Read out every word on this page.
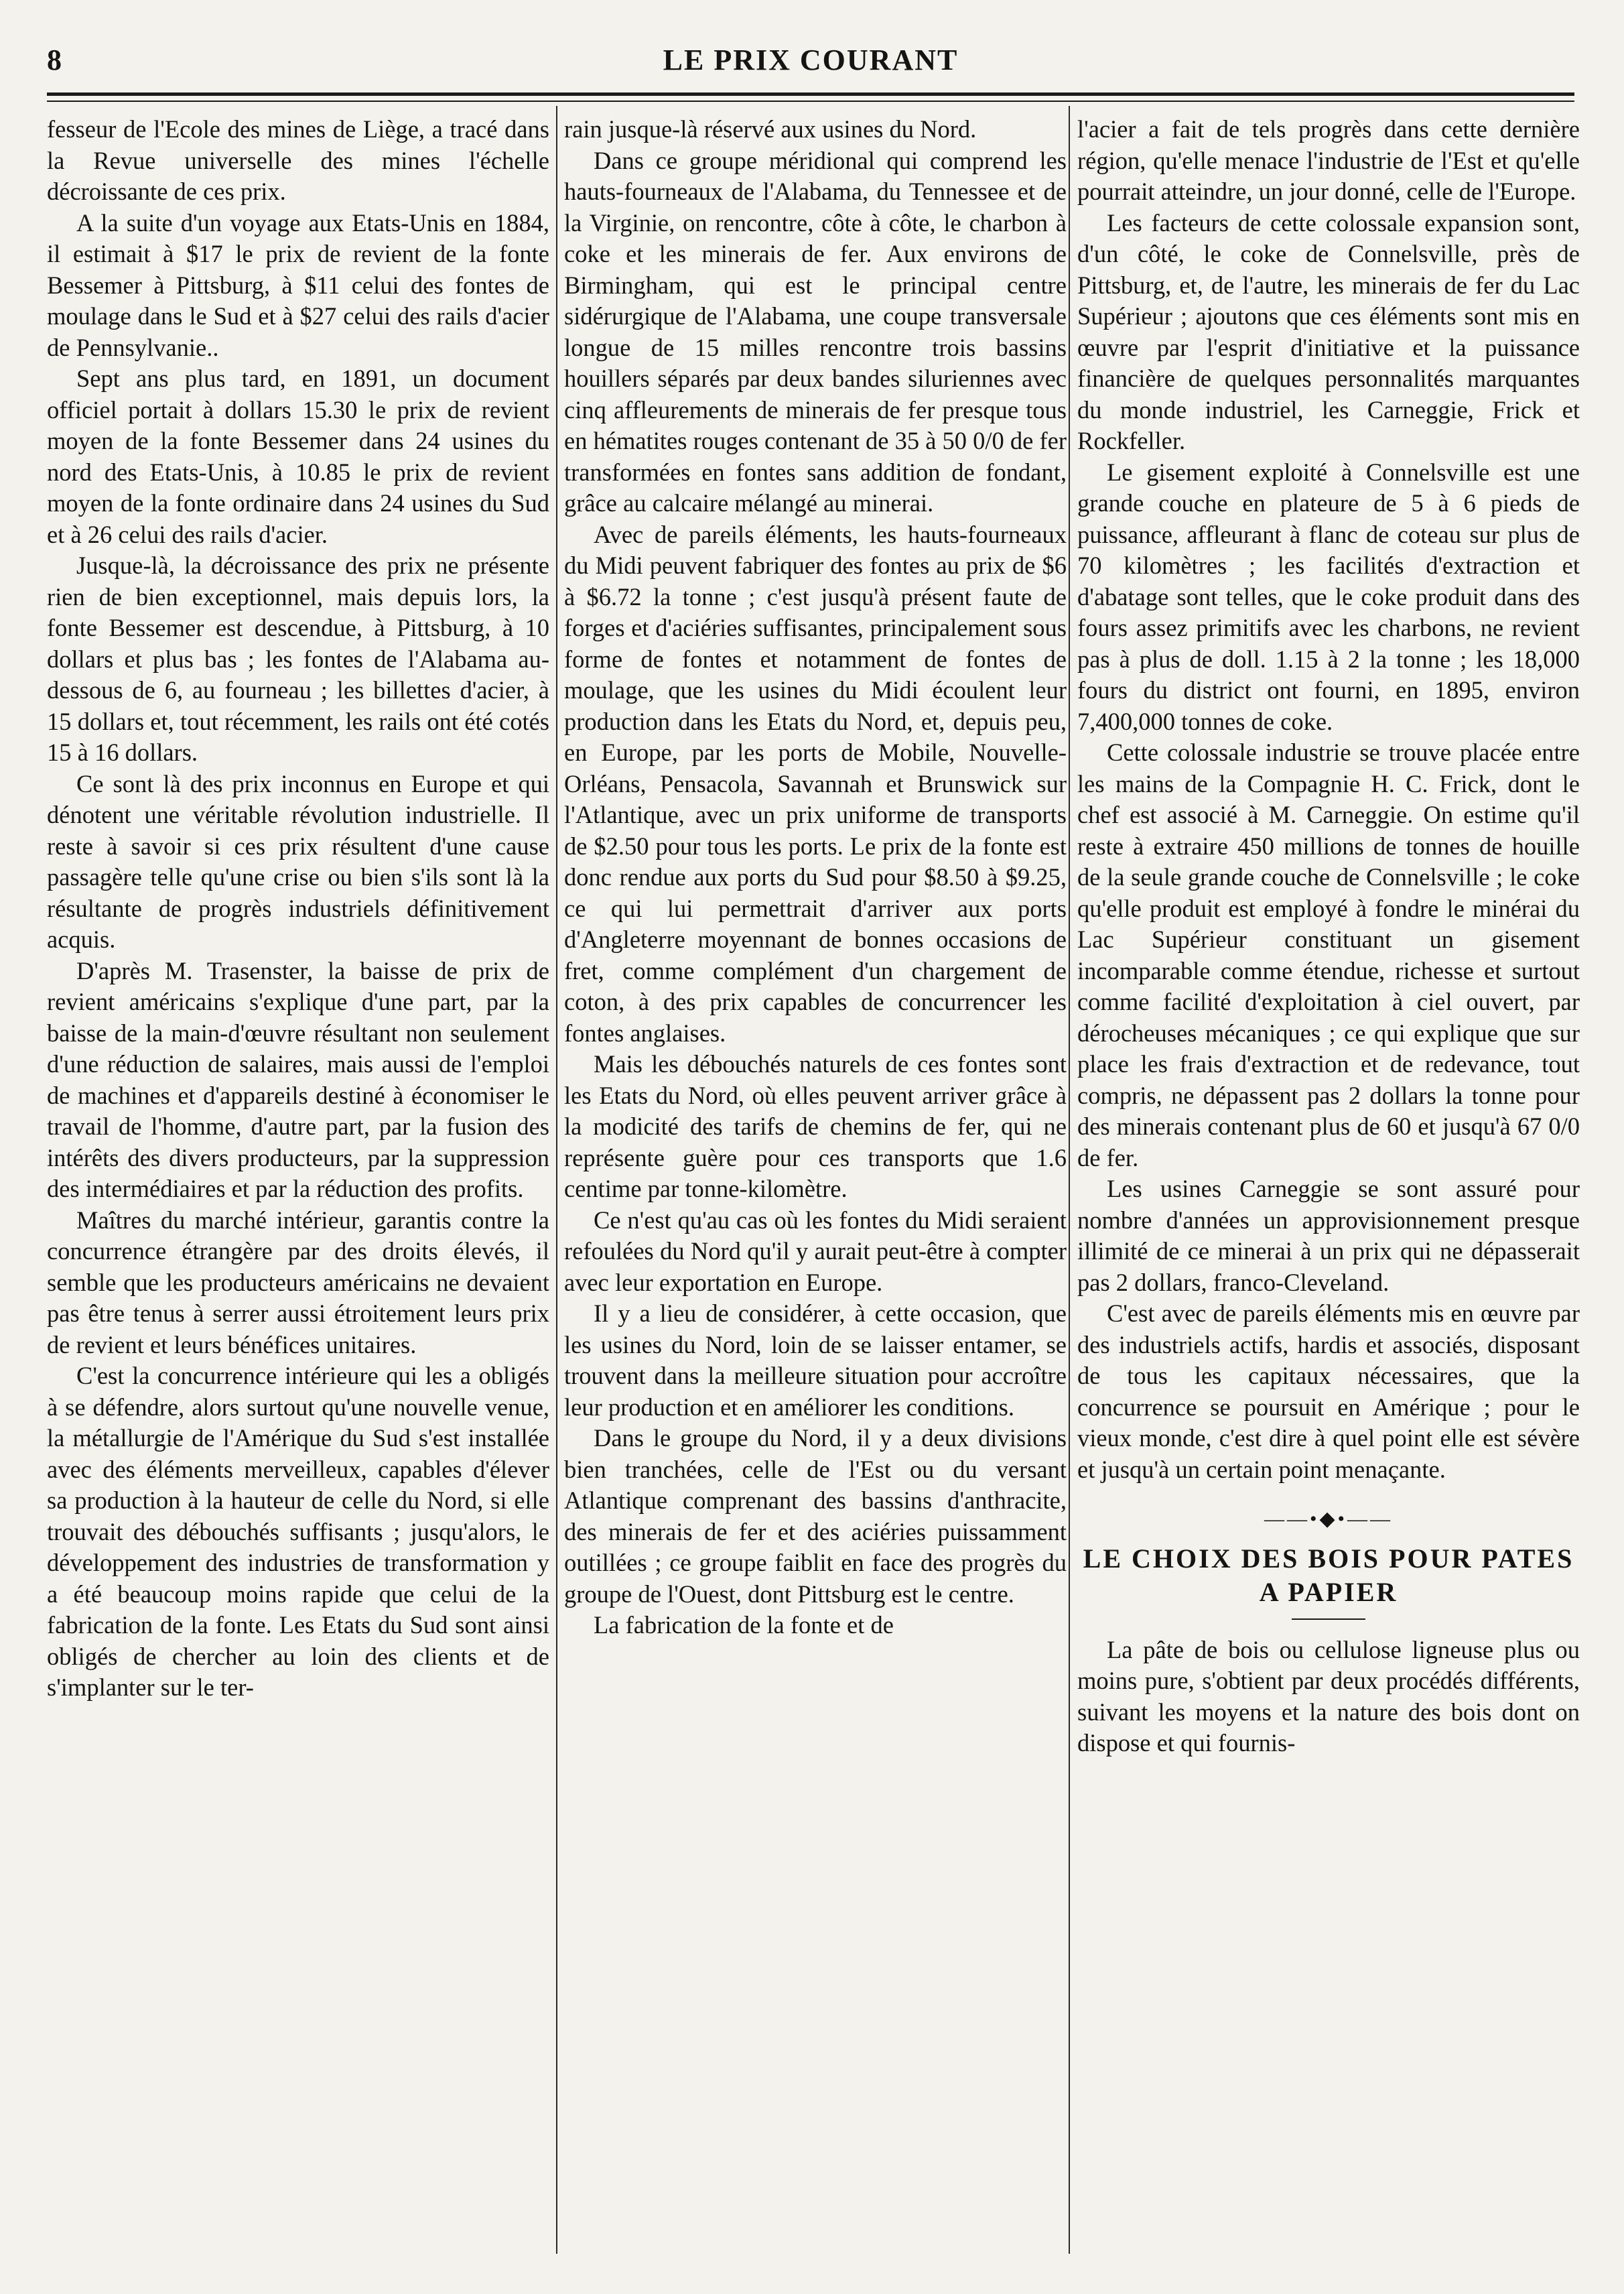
8	LE PRIX COURANT

fesseur de l'Ecole des mines de Liège, a tracé dans la Revue universelle des mines l'échelle décroissante de ces prix.

A la suite d'un voyage aux Etats-Unis en 1884, il estimait à $17 le prix de revient de la fonte Bessemer à Pittsburg, à $11 celui des fontes de moulage dans le Sud et à $27 celui des rails d'acier de Pennsylvanie..

Sept ans plus tard, en 1891, un document officiel portait à dollars 15.30 le prix de revient moyen de la fonte Bessemer dans 24 usines du nord des Etats-Unis, à 10.85 le prix de revient moyen de la fonte ordinaire dans 24 usines du Sud et à 26 celui des rails d'acier.

Jusque-là, la décroissance des prix ne présente rien de bien exceptionnel, mais depuis lors, la fonte Bessemer est descendue, à Pittsburg, à 10 dollars et plus bas ; les fontes de l'Alabama au-dessous de 6, au fourneau ; les billettes d'acier, à 15 dollars et, tout récemment, les rails ont été cotés 15 à 16 dollars.

Ce sont là des prix inconnus en Europe et qui dénotent une véritable révolution industrielle. Il reste à savoir si ces prix résultent d'une cause passagère telle qu'une crise ou bien s'ils sont là la résultante de progrès industriels définitivement acquis.

D'après M. Trasenster, la baisse de prix de revient américains s'explique d'une part, par la baisse de la main-d'œuvre résultant non seulement d'une réduction de salaires, mais aussi de l'emploi de machines et d'appareils destiné à économiser le travail de l'homme, d'autre part, par la fusion des intérêts des divers producteurs, par la suppression des intermédiaires et par la réduction des profits.

Maîtres du marché intérieur, garantis contre la concurrence étrangère par des droits élevés, il semble que les producteurs américains ne devaient pas être tenus à serrer aussi étroitement leurs prix de revient et leurs bénéfices unitaires.

C'est la concurrence intérieure qui les a obligés à se défendre, alors surtout qu'une nouvelle venue, la métallurgie de l'Amérique du Sud s'est installée avec des éléments merveilleux, capables d'élever sa production à la hauteur de celle du Nord, si elle trouvait des débouchés suffisants ; jusqu'alors, le développement des industries de transformation y a été beaucoup moins rapide que celui de la fabrication de la fonte. Les Etats du Sud sont ainsi obligés de chercher au loin des clients et de s'implanter sur le ter-

rain jusque-là réservé aux usines du Nord.

Dans ce groupe méridional qui comprend les hauts-fourneaux de l'Alabama, du Tennessee et de la Virginie, on rencontre, côte à côte, le charbon à coke et les minerais de fer. Aux environs de Birmingham, qui est le principal centre sidérurgique de l'Alabama, une coupe transversale longue de 15 milles rencontre trois bassins houillers séparés par deux bandes siluriennes avec cinq affleurements de minerais de fer presque tous en hématites rouges contenant de 35 à 50 0/0 de fer transformées en fontes sans addition de fondant, grâce au calcaire mélangé au minerai.

Avec de pareils éléments, les hauts-fourneaux du Midi peuvent fabriquer des fontes au prix de $6 à $6.72 la tonne ; c'est jusqu'à présent faute de forges et d'aciéries suffisantes, principalement sous forme de fontes et notamment de fontes de moulage, que les usines du Midi écoulent leur production dans les Etats du Nord, et, depuis peu, en Europe, par les ports de Mobile, Nouvelle-Orléans, Pensacola, Savannah et Brunswick sur l'Atlantique, avec un prix uniforme de transports de $2.50 pour tous les ports. Le prix de la fonte est donc rendue aux ports du Sud pour $8.50 à $9.25, ce qui lui permettrait d'arriver aux ports d'Angleterre moyennant de bonnes occasions de fret, comme complément d'un chargement de coton, à des prix capables de concurrencer les fontes anglaises.

Mais les débouchés naturels de ces fontes sont les Etats du Nord, où elles peuvent arriver grâce à la modicité des tarifs de chemins de fer, qui ne représente guère pour ces transports que 1.6 centime par tonne-kilomètre.

Ce n'est qu'au cas où les fontes du Midi seraient refoulées du Nord qu'il y aurait peut-être à compter avec leur exportation en Europe.

Il y a lieu de considérer, à cette occasion, que les usines du Nord, loin de se laisser entamer, se trouvent dans la meilleure situation pour accroître leur production et en améliorer les conditions.

Dans le groupe du Nord, il y a deux divisions bien tranchées, celle de l'Est ou du versant Atlantique comprenant des bassins d'anthracite, des minerais de fer et des aciéries puissamment outillées ; ce groupe faiblit en face des progrès du groupe de l'Ouest, dont Pittsburg est le centre.

La fabrication de la fonte et de

l'acier a fait de tels progrès dans cette dernière région, qu'elle menace l'industrie de l'Est et qu'elle pourrait atteindre, un jour donné, celle de l'Europe.

Les facteurs de cette colossale expansion sont, d'un côté, le coke de Connelsville, près de Pittsburg, et, de l'autre, les minerais de fer du Lac Supérieur ; ajoutons que ces éléments sont mis en œuvre par l'esprit d'initiative et la puissance financière de quelques personnalités marquantes du monde industriel, les Carneggie, Frick et Rockfeller.

Le gisement exploité à Connelsville est une grande couche en plateure de 5 à 6 pieds de puissance, affleurant à flanc de coteau sur plus de 70 kilomètres ; les facilités d'extraction et d'abatage sont telles, que le coke produit dans des fours assez primitifs avec les charbons, ne revient pas à plus de doll. 1.15 à 2 la tonne ; les 18,000 fours du district ont fourni, en 1895, environ 7,400,000 tonnes de coke.

Cette colossale industrie se trouve placée entre les mains de la Compagnie H. C. Frick, dont le chef est associé à M. Carneggie. On estime qu'il reste à extraire 450 millions de tonnes de houille de la seule grande couche de Connelsville ; le coke qu'elle produit est employé à fondre le minérai du Lac Supérieur constituant un gisement incomparable comme étendue, richesse et surtout comme facilité d'exploitation à ciel ouvert, par dérocheuses mécaniques ; ce qui explique que sur place les frais d'extraction et de redevance, tout compris, ne dépassent pas 2 dollars la tonne pour des minerais contenant plus de 60 et jusqu'à 67 0/0 de fer.

Les usines Carneggie se sont assuré pour nombre d'années un approvisionnement presque illimité de ce minerai à un prix qui ne dépasserait pas 2 dollars, franco-Cleveland.

C'est avec de pareils éléments mis en œuvre par des industriels actifs, hardis et associés, disposant de tous les capitaux nécessaires, que la concurrence se poursuit en Amérique ; pour le vieux monde, c'est dire à quel point elle est sévère et jusqu'à un certain point menaçante.

——•◆•——
LE CHOIX DES BOIS POUR PATES A PAPIER

La pâte de bois ou cellulose ligneuse plus ou moins pure, s'obtient par deux procédés différents, suivant les moyens et la nature des bois dont on dispose et qui fournis-
